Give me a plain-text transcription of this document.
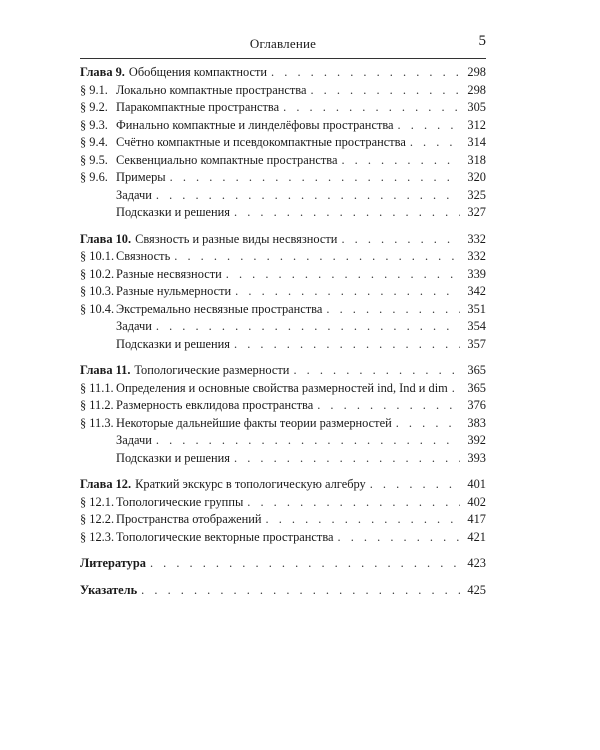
Оглавление	5
Глава 9. Обобщения компактности . . .	298
§ 9.1. Локально компактные пространства . . .	298
§ 9.2. Паракомпактные пространства . . .	305
§ 9.3. Финально компактные и линделёфовы пространства . . .	312
§ 9.4. Счётно компактные и псевдокомпактные пространства . . .	314
§ 9.5. Секвенциально компактные пространства . . .	318
§ 9.6. Примеры . . .	320
Задачи . . .	325
Подсказки и решения . . .	327
Глава 10. Связность и разные виды несвязности . . .	332
§ 10.1. Связность . . .	332
§ 10.2. Разные несвязности . . .	339
§ 10.3. Разные нульмерности . . .	342
§ 10.4. Экстремально несвязные пространства . . .	351
Задачи . . .	354
Подсказки и решения . . .	357
Глава 11. Топологические размерности . . .	365
§ 11.1. Определения и основные свойства размерностей ind, Ind и dim . . . 365
§ 11.2. Размерность евклидова пространства . . .	376
§ 11.3. Некоторые дальнейшие факты теории размерностей . . .	383
Задачи . . .	392
Подсказки и решения . . .	393
Глава 12. Краткий экскурс в топологическую алгебру . . .	401
§ 12.1. Топологические группы . . .	402
§ 12.2. Пространства отображений . . .	417
§ 12.3. Топологические векторные пространства . . .	421
Литература . . .	423
Указатель . . .	425
